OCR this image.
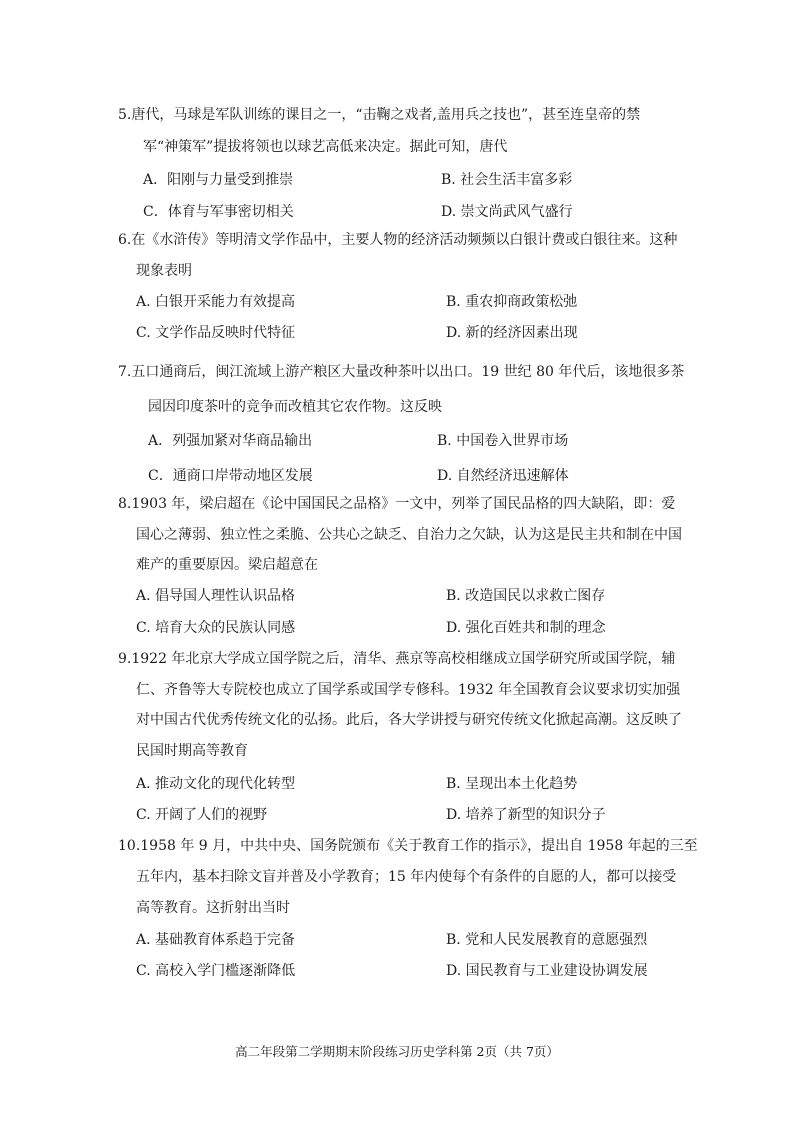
5.唐代，马球是军队训练的课目之一，“击鞠之戏者,盖用兵之技也”，甚至连皇帝的禁
军“神策军”提拔将领也以球艺高低来决定。据此可知，唐代
A．阳刚与力量受到推崇	B. 社会生活丰富多彩
C．体育与军事密切相关	D. 崇文尚武风气盛行
6.在《水浒传》等明清文学作品中，主要人物的经济活动频频以白银计费或白银往来。这种
现象表明
A. 白银开采能力有效提高	B. 重农抑商政策松弛
C. 文学作品反映时代特征	D. 新的经济因素出现
7.五口通商后，闽江流域上游产粮区大量改种茶叶以出口。19 世纪 80 年代后，该地很多茶
园因印度茶叶的竞争而改植其它农作物。这反映
A．列强加紧对华商品输出	B. 中国卷入世界市场
C．通商口岸带动地区发展	D. 自然经济迅速解体
8.1903 年，梁启超在《论中国国民之品格》一文中，列举了国民品格的四大缺陷，即：爱
国心之薄弱、独立性之柔脆、公共心之缺乏、自治力之欠缺，认为这是民主共和制在中国
难产的重要原因。梁启超意在
A. 倡导国人理性认识品格	B. 改造国民以求救亡图存
C. 培育大众的民族认同感	D. 强化百姓共和制的理念
9.1922 年北京大学成立国学院之后，清华、燕京等高校相继成立国学研究所或国学院，辅
仁、齐鲁等大专院校也成立了国学系或国学专修科。1932 年全国教育会议要求切实加强
对中国古代优秀传统文化的弘扬。此后，各大学讲授与研究传统文化掀起高潮。这反映了
民国时期高等教育
A. 推动文化的现代化转型	B. 呈现出本土化趋势
C. 开阔了人们的视野	D. 培养了新型的知识分子
10.1958 年 9 月，中共中央、国务院颁布《关于教育工作的指示》，提出自 1958 年起的三至
五年内，基本扫除文盲并普及小学教育；15 年内使每个有条件的自愿的人，都可以接受
高等教育。这折射出当时
A. 基础教育体系趋于完备	B. 党和人民发展教育的意愿强烈
C. 高校入学门槛逐渐降低	D. 国民教育与工业建设协调发展
高二年段第二学期期末阶段练习历史学科第 2页（共 7页）
